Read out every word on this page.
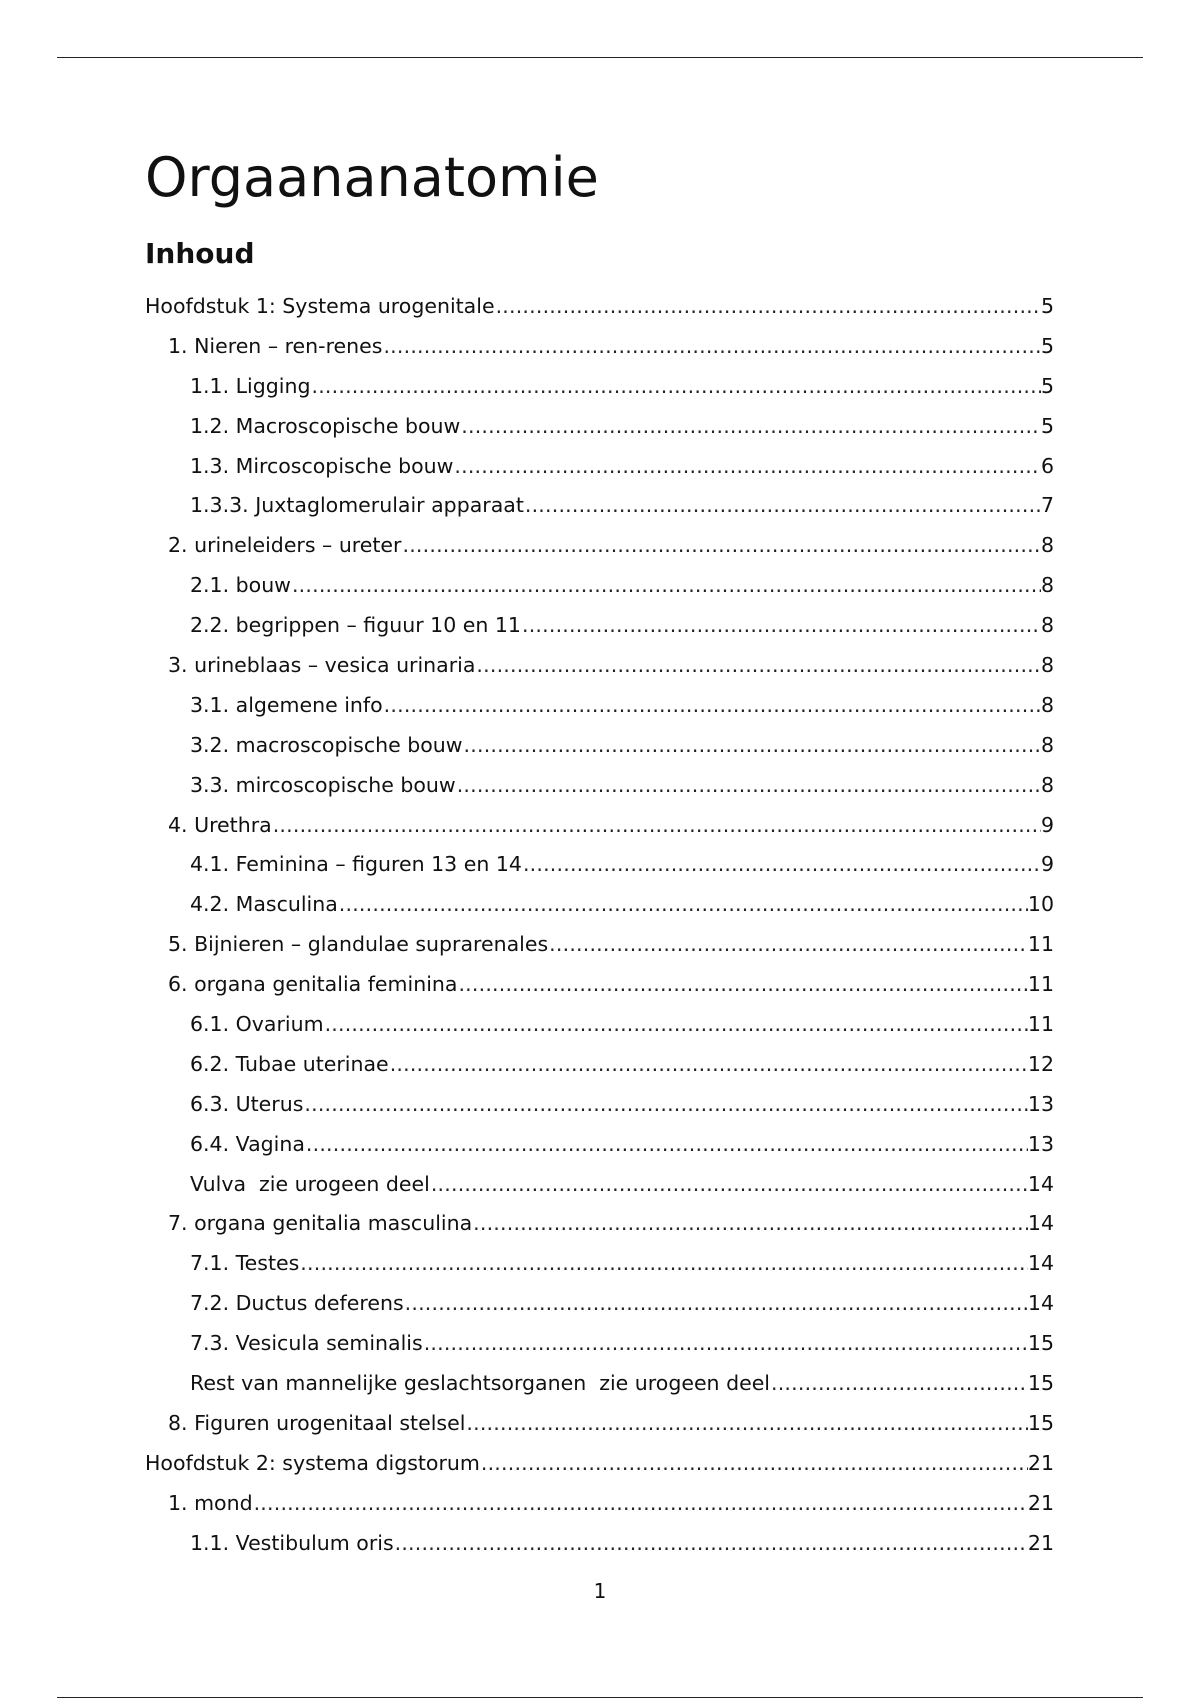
Orgaananatomie
Inhoud
Hoofdstuk 1: Systema urogenitale .....	5
1. Nieren – ren-renes .....	5
1.1. Ligging .....	5
1.2. Macroscopische bouw .....	5
1.3. Mircoscopische bouw .....	6
1.3.3. Juxtaglomerulair apparaat .....	7
2. urineleiders – ureter .....	8
2.1. bouw .....	8
2.2. begrippen – figuur 10 en 11 .....	8
3. urineblaas – vesica urinaria .....	8
3.1. algemene info .....	8
3.2. macroscopische bouw .....	8
3.3. mircoscopische bouw .....	8
4. Urethra .....	9
4.1. Feminina – figuren 13 en 14 .....	9
4.2. Masculina .....	10
5. Bijnieren – glandulae suprarenales .....	11
6. organa genitalia feminina .....	11
6.1. Ovarium .....	11
6.2. Tubae uterinae .....	12
6.3. Uterus .....	13
6.4. Vagina .....	13
Vulva  zie urogeen deel .....	14
7. organa genitalia masculina .....	14
7.1. Testes .....	14
7.2. Ductus deferens .....	14
7.3. Vesicula seminalis .....	15
Rest van mannelijke geslachtsorganen  zie urogeen deel .....	15
8. Figuren urogenitaal stelsel .....	15
Hoofdstuk 2: systema digstorum .....	21
1. mond .....	21
1.1. Vestibulum oris .....	21
1
